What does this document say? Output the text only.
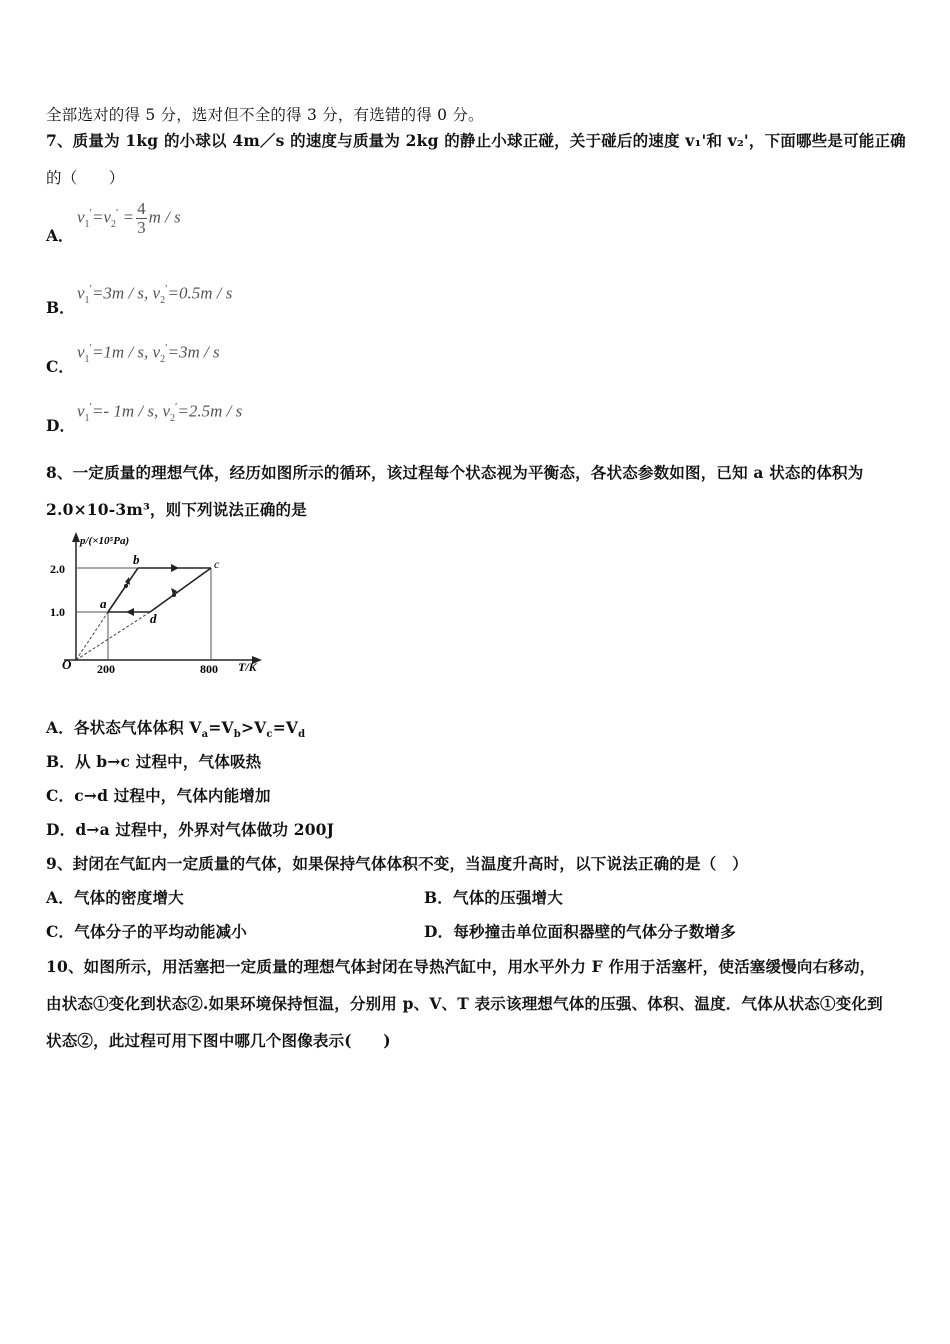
全部选对的得 5 分，选对但不全的得 3 分，有选错的得 0 分。
7、质量为 1kg 的小球以 4m／s 的速度与质量为 2kg 的静止小球正碰，关于碰后的速度 v₁'和 v₂'，下面哪些是可能正确
的（　　）
A．
$v_1'=v_2' = \frac{4}{3}$ m / s
B．
$v_1'=3m / s$, $v_2'=0.5m / s$
C．
$v_1'=1m / s$, $v_2'=3m / s$
D．
$v_1'=-$ 1m / s, $v_2'=2.5m / s$
8、一定质量的理想气体，经历如图所示的循环，该过程每个状态视为平衡态，各状态参数如图，已知 a 状态的体积为
2.0×10-3m³，则下列说法正确的是
p/(×10⁵Pa)
T/K
O
2.0
1.0
200	800
a
b	c
d
A．各状态气体体积 $V_a=V_b>V_c=V_d$
B．从 b→c 过程中，气体吸热
C．c→d 过程中，气体内能增加
D．d→a 过程中，外界对气体做功 200J
9、封闭在气缸内一定质量的气体，如果保持气体体积不变，当温度升高时，以下说法正确的是（　）
A．气体的密度增大	B．气体的压强增大
C．气体分子的平均动能减小	D．每秒撞击单位面积器壁的气体分子数增多
10、如图所示，用活塞把一定质量的理想气体封闭在导热汽缸中，用水平外力 F 作用于活塞杆，使活塞缓慢向右移动，
由状态①变化到状态②.如果环境保持恒温，分别用 p、V、T 表示该理想气体的压强、体积、温度．气体从状态①变化到
状态②，此过程可用下图中哪几个图像表示(　　)
